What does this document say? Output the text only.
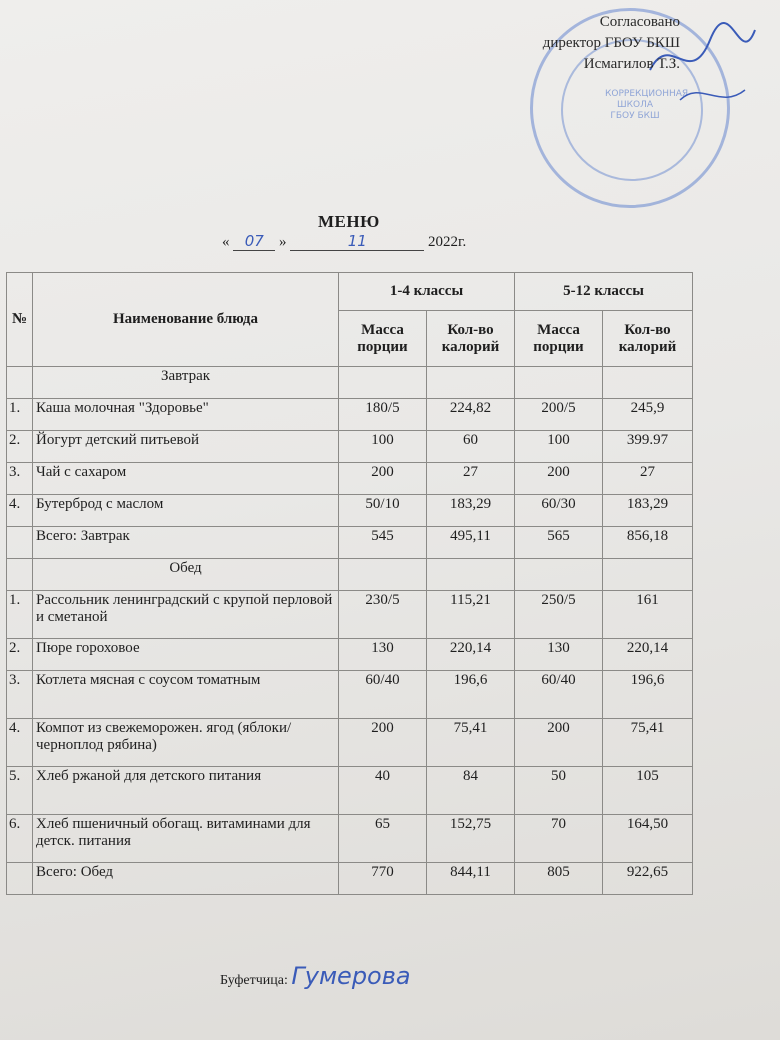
КОРРЕКЦИОННАЯ ШКОЛА ГБОУ БКШ
Согласовано
директор ГБОУ БКШ
Исмагилов Т.З.
МЕНЮ
« 07 »	11	2022г.
№	Наименование блюда	1-4 классы		5-12 классы	
		Масса порции	Кол-во калорий	Масса порции	Кол-во калорий
	Завтрак				
1.	Каша молочная "Здоровье"	180/5	224,82	200/5	245,9
2.	Йогурт детский питьевой	100	60	100	399.97
3.	Чай с сахаром	200	27	200	27
4.	Бутерброд с маслом	50/10	183,29	60/30	183,29
	Всего: Завтрак	545	495,11	565	856,18
	Обед				
1.	Рассольник ленинградский с крупой перловой и сметаной	230/5	115,21	250/5	161
2.	Пюре гороховое	130	220,14	130	220,14
3.	Котлета мясная с соусом томатным	60/40	196,6	60/40	196,6
4.	Компот из свежеморожен. ягод (яблоки/ черноплод рябина)	200	75,41	200	75,41
5.	Хлеб ржаной для детского питания	40	84	50	105
6.	Хлеб пшеничный обогащ. витаминами для детск. питания	65	152,75	70	164,50
	Всего: Обед	770	844,11	805	922,65
Буфетчица: Гумерова
